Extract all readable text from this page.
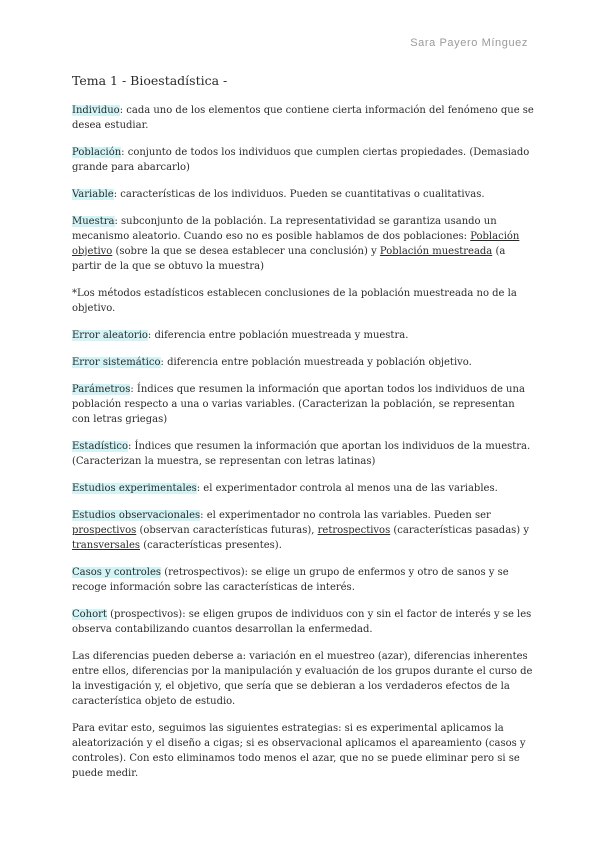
Sara Payero Mínguez
Tema 1 - Bioestadística -

Individuo: cada uno de los elementos que contiene cierta información del fenómeno que se desea estudiar.

Población: conjunto de todos los individuos que cumplen ciertas propiedades. (Demasiado grande para abarcarlo)

Variable: características de los individuos. Pueden se cuantitativas o cualitativas.

Muestra: subconjunto de la población. La representatividad se garantiza usando un mecanismo aleatorio. Cuando eso no es posible hablamos de dos poblaciones: Población objetivo (sobre la que se desea establecer una conclusión) y Población muestreada (a partir de la que se obtuvo la muestra)

*Los métodos estadísticos establecen conclusiones de la población muestreada no de la objetivo.

Error aleatorio: diferencia entre población muestreada y muestra.

Error sistemático: diferencia entre población muestreada y población objetivo.

Parámetros: Índices que resumen la información que aportan todos los individuos de una población respecto a una o varias variables. (Caracterizan la población, se representan con letras griegas)

Estadístico: Índices que resumen la información que aportan los individuos de la muestra. (Caracterizan la muestra, se representan con letras latinas)

Estudios experimentales: el experimentador controla al menos una de las variables.

Estudios observacionales: el experimentador no controla las variables. Pueden ser prospectivos (observan características futuras), retrospectivos (características pasadas) y transversales (características presentes).

Casos y controles (retrospectivos): se elige un grupo de enfermos y otro de sanos y se recoge información sobre las características de interés.

Cohort (prospectivos): se eligen grupos de individuos con y sin el factor de interés y se les observa contabilizando cuantos desarrollan la enfermedad.

Las diferencias pueden deberse a: variación en el muestreo (azar), diferencias inherentes entre ellos, diferencias por la manipulación y evaluación de los grupos durante el curso de la investigación y, el objetivo, que sería que se debieran a los verdaderos efectos de la característica objeto de estudio.

Para evitar esto, seguimos las siguientes estrategias: si es experimental aplicamos la aleatorización y el diseño a cigas; si es observacional aplicamos el apareamiento (casos y controles). Con esto eliminamos todo menos el azar, que no se puede eliminar pero si se puede medir.
